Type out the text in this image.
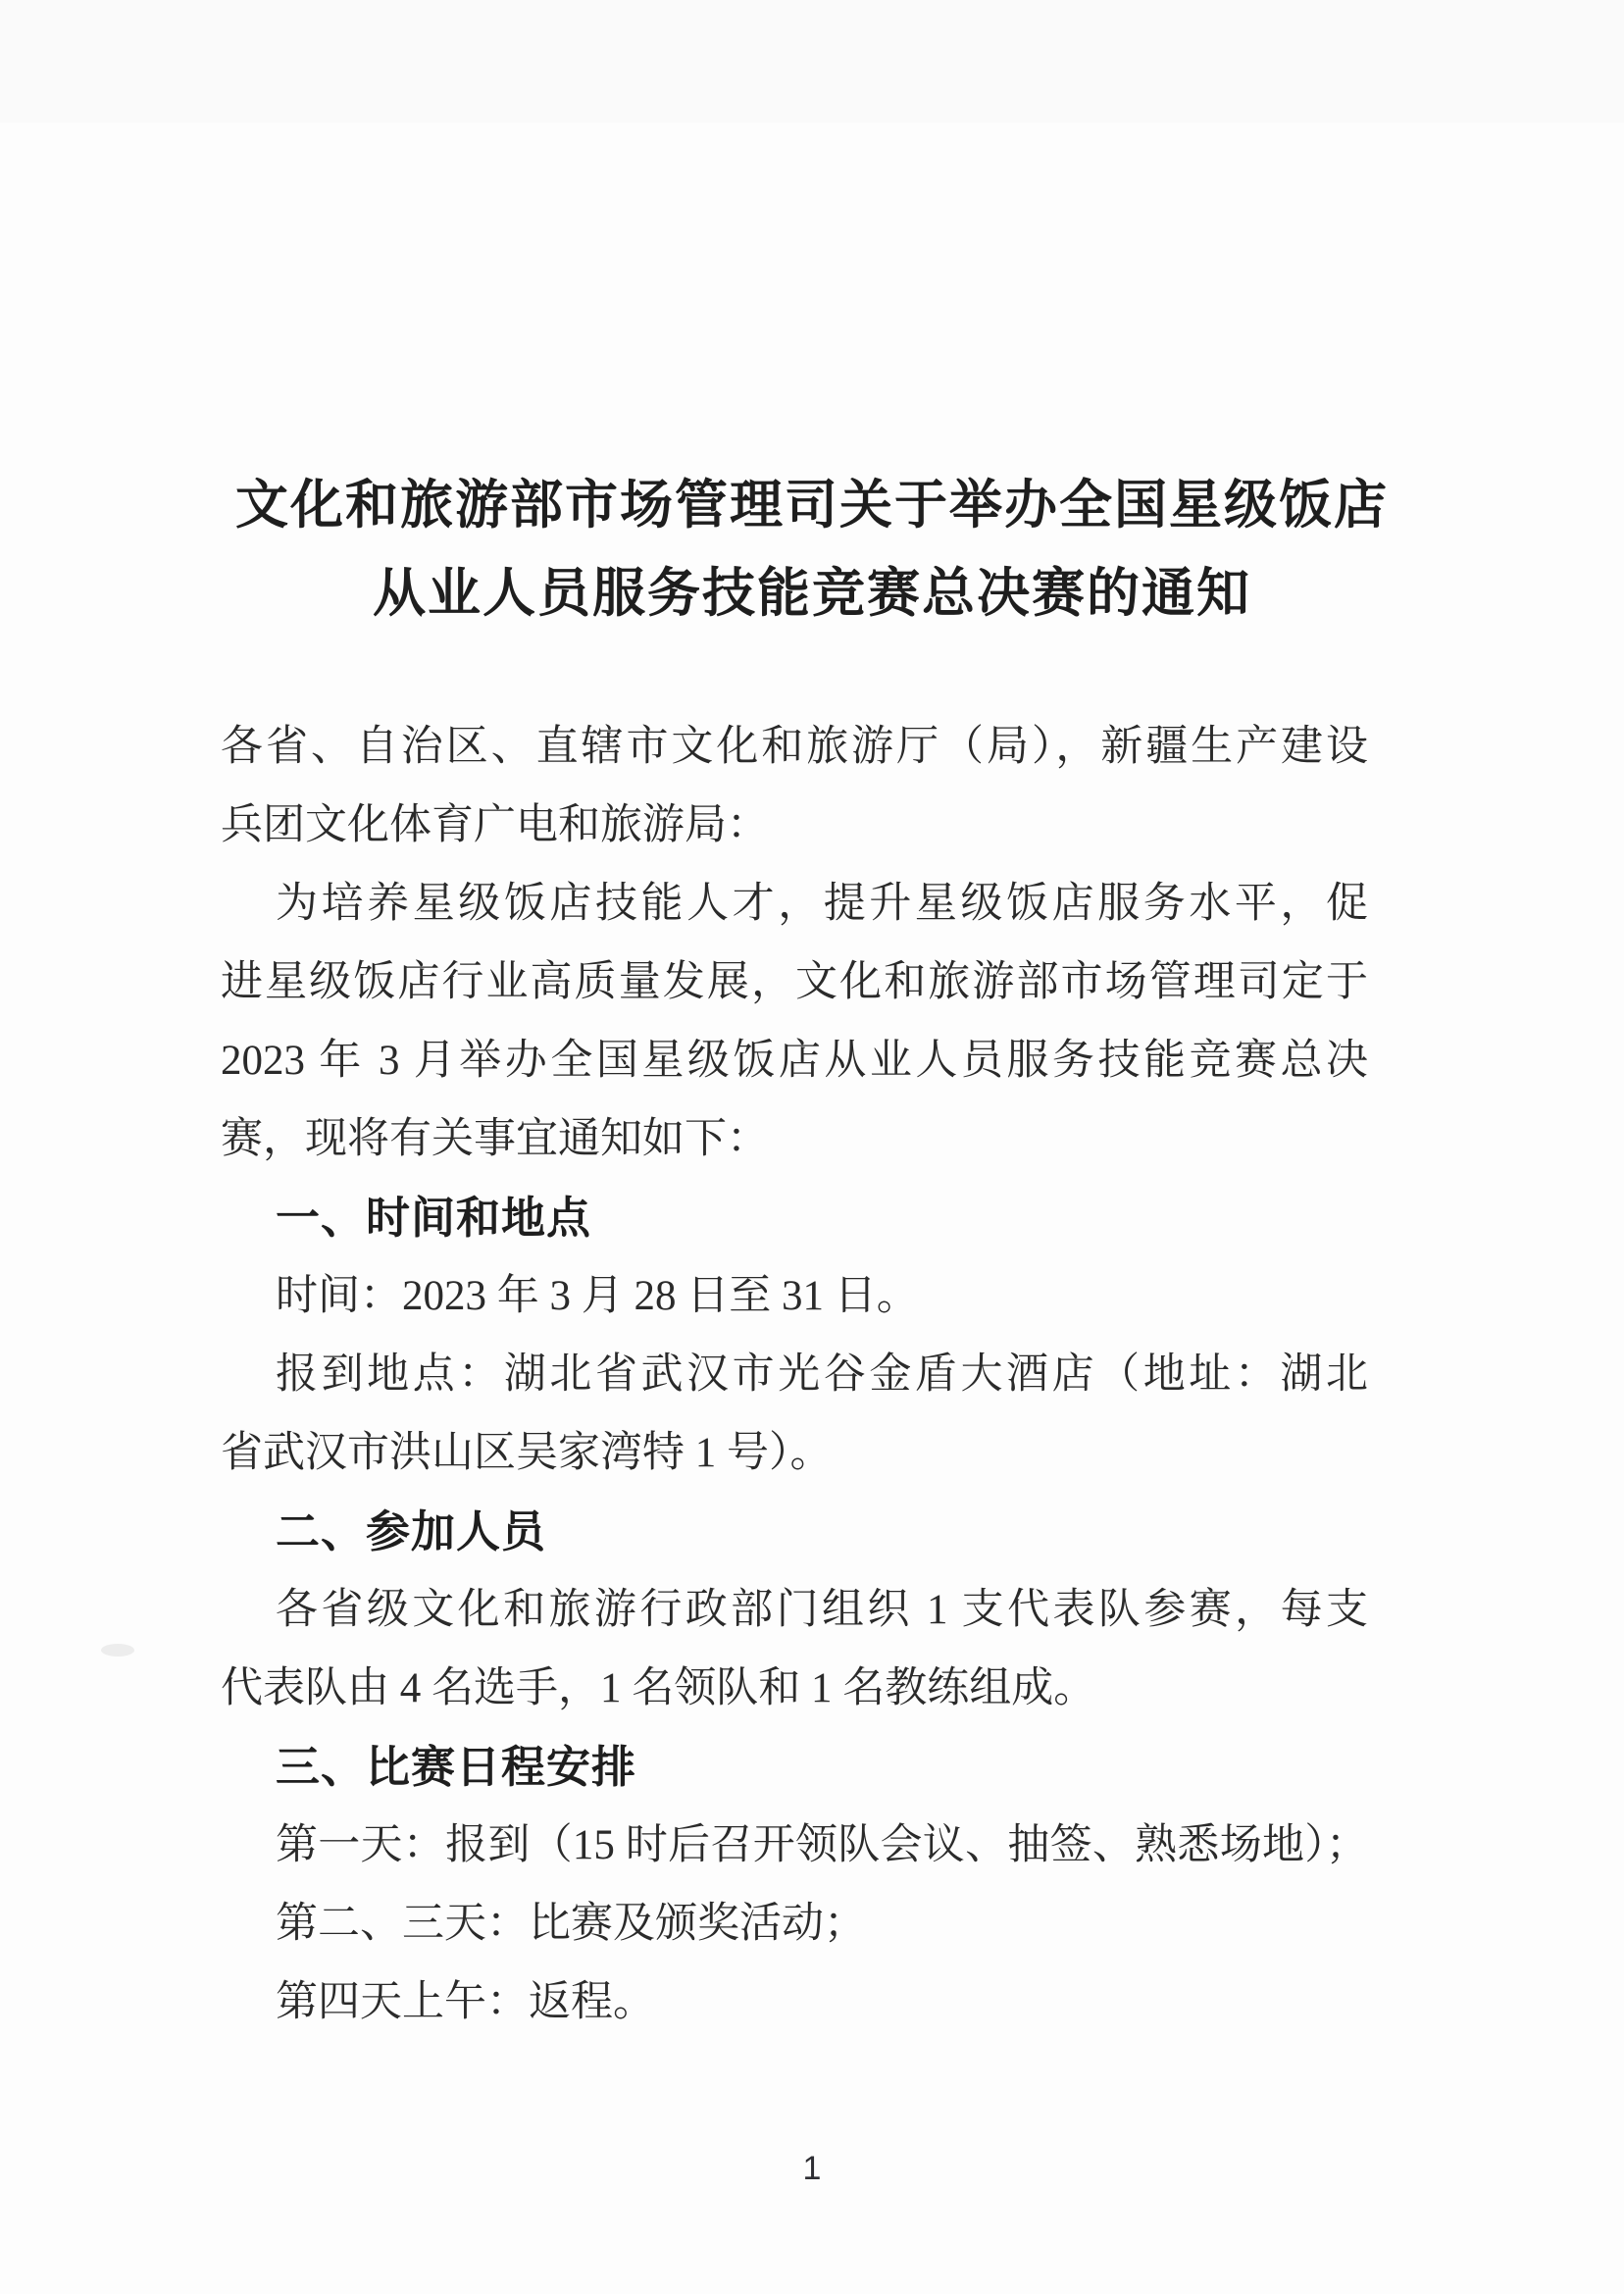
文化和旅游部市场管理司关于举办全国星级饭店
从业人员服务技能竞赛总决赛的通知
各省、自治区、直辖市文化和旅游厅（局），新疆生产建设
兵团文化体育广电和旅游局：
为培养星级饭店技能人才，提升星级饭店服务水平，促
进星级饭店行业高质量发展，文化和旅游部市场管理司定于
2023 年 3 月举办全国星级饭店从业人员服务技能竞赛总决
赛，现将有关事宜通知如下：
一、时间和地点
时间：2023 年 3 月 28 日至 31 日。
报到地点：湖北省武汉市光谷金盾大酒店（地址：湖北
省武汉市洪山区吴家湾特 1 号）。
二、参加人员
各省级文化和旅游行政部门组织 1 支代表队参赛，每支
代表队由 4 名选手，1 名领队和 1 名教练组成。
三、比赛日程安排
第一天：报到（15 时后召开领队会议、抽签、熟悉场地）；
第二、三天：比赛及颁奖活动；
第四天上午：返程。
1
